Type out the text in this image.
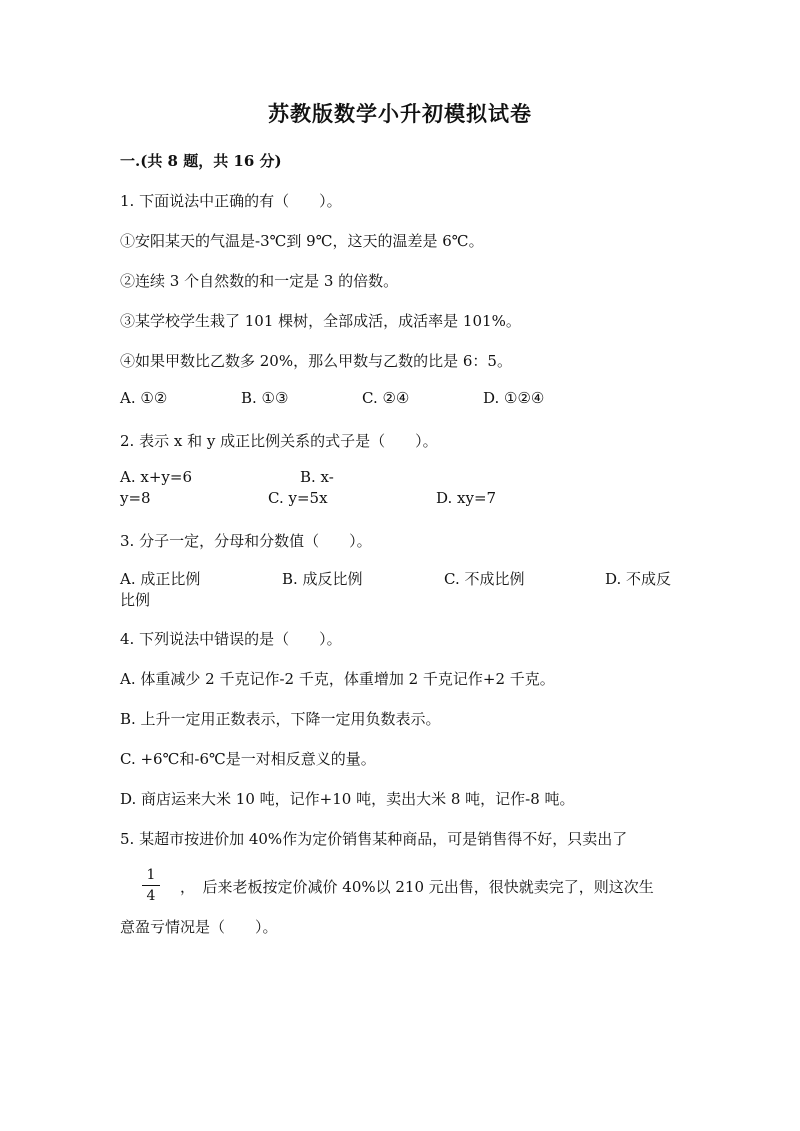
苏教版数学小升初模拟试卷
一.(共 8 题，共 16 分)
1. 下面说法中正确的有（　　）。
①安阳某天的气温是-3℃到 9℃，这天的温差是 6℃。
②连续 3 个自然数的和一定是 3 的倍数。
③某学校学生栽了 101 棵树，全部成活，成活率是 101%。
④如果甲数比乙数多 20%，那么甲数与乙数的比是 6：5。
A. ①②	B. ①③	C. ②④	D. ①②④
2. 表示 x 和 y 成正比例关系的式子是（　　）。
A. x+y=6	B. x-
y=8	C. y=5x	D. xy=7
3. 分子一定，分母和分数值（　　）。
A. 成正比例	B. 成反比例	C. 不成比例	D. 不成反
比例
4. 下列说法中错误的是（　　）。
A. 体重减少 2 千克记作-2 千克，体重增加 2 千克记作+2 千克。
B. 上升一定用正数表示，下降一定用负数表示。
C. +6℃和-6℃是一对相反意义的量。
D. 商店运来大米 10 吨，记作+10 吨，卖出大米 8 吨，记作-8 吨。
5. 某超市按进价加 40%作为定价销售某种商品，可是销售得不好，只卖出了
1
4	，　后来老板按定价减价 40%以 210 元出售，很快就卖完了，则这次生
意盈亏情况是（　　）。
